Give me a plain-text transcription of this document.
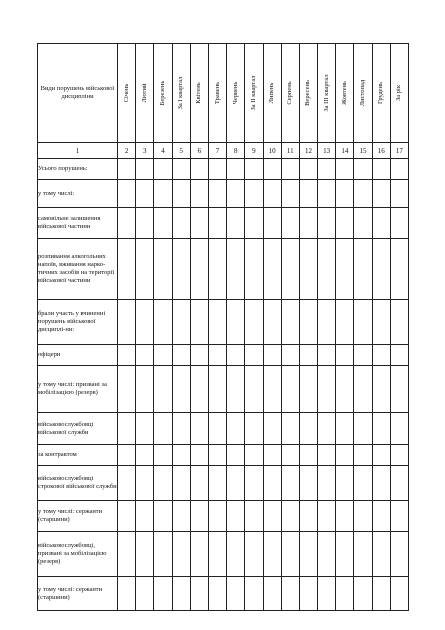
Види порушень військової дисципліни	Січень	Лютий	Березень	За І квартал	Квітень	Травень	Червень	За ІІ квартал	Липень	Серпень	Вересень	За ІІІ квартал	Жовтень	Листопад	Грудень	За рік

1	2	3	4	5	6	7	8	9	10	11	12	13	14	15	16	17
Усього порушень:																
у тому числі:																
самовільне залишення військової частини																
розпивання алкогольних напоїв, вживання нарко-тичних засобів на території військової частини																
брали участь у вчиненні порушень військової дисциплі-ни:																
офіцери																
у тому числі: призвані за мобілізацією (резерв)																
військовослужбовці військової служби																
за контрактом																
військовослужбовці строкової військової служби																
у тому числі: сержанти (старшини)																
військовослужбовці, призвані за мобілізацією (резерв)																
у тому числі: сержанти (старшини)																
